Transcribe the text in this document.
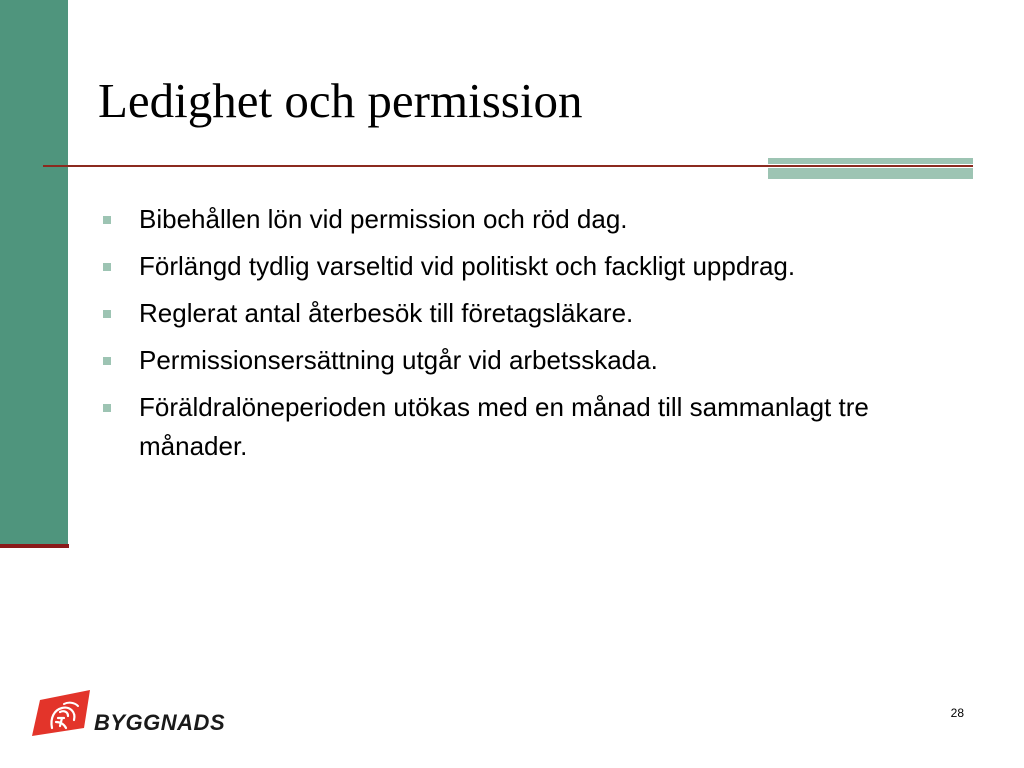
Ledighet och permission
Bibehållen lön vid permission och röd dag.
Förlängd tydlig varseltid vid politiskt och fackligt uppdrag.
Reglerat antal återbesök till företagsläkare.
Permissionsersättning utgår vid arbetsskada.
Föräldralöneperioden utökas med en månad till sammanlagt tre månader.
BYGGNADS	28
